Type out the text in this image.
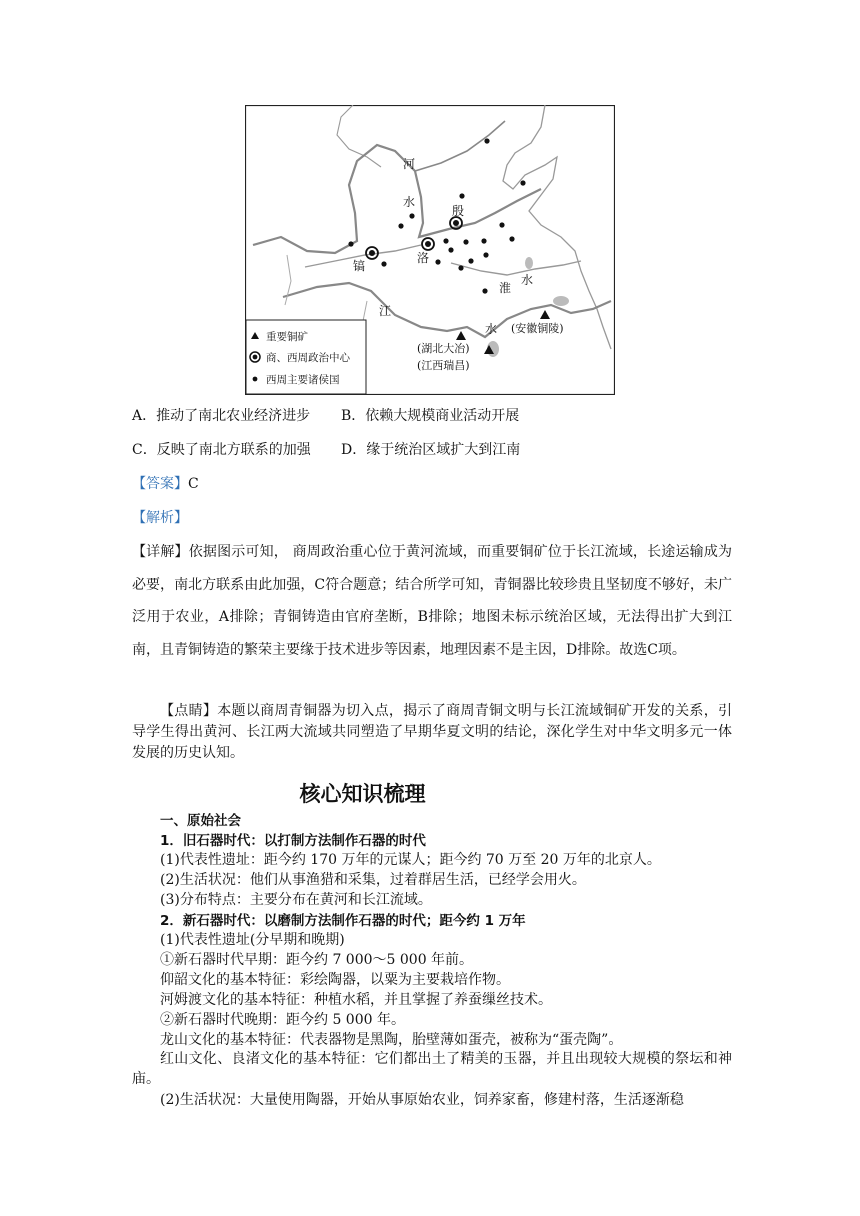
河
水
殷
镐
洛
淮
水
江
水 (安徽铜陵)
(湖北大冶)
(江西瑞昌)
重要铜矿
商、西周政治中心
西周主要诸侯国
A．推动了南北农业经济进步 B．依赖大规模商业活动开展
C．反映了南北方联系的加强 D．缘于统治区域扩大到江南
【答案】C
【解析】
【详解】依据图示可知， 商周政治重心位于黄河流域，而重要铜矿位于长江流域，长途运输成为必要，南北方联系由此加强，C符合题意；结合所学可知，青铜器比较珍贵且坚韧度不够好，未广泛用于农业，A排除；青铜铸造由官府垄断，B排除；地图未标示统治区域，无法得出扩大到江南，且青铜铸造的繁荣主要缘于技术进步等因素，地理因素不是主因，D排除。故选C项。
【点睛】本题以商周青铜器为切入点，揭示了商周青铜文明与长江流域铜矿开发的关系，引导学生得出黄河、长江两大流域共同塑造了早期华夏文明的结论，深化学生对中华文明多元一体发展的历史认知。
核心知识梳理
一、原始社会
1．旧石器时代：以打制方法制作石器的时代
(1)代表性遗址：距今约 170 万年的元谋人；距今约 70 万至 20 万年的北京人。
(2)生活状况：他们从事渔猎和采集，过着群居生活，已经学会用火。
(3)分布特点：主要分布在黄河和长江流域。
2．新石器时代：以磨制方法制作石器的时代；距今约 1 万年
(1)代表性遗址(分早期和晚期)
①新石器时代早期：距今约 7 000～5 000 年前。
仰韶文化的基本特征：彩绘陶器，以粟为主要栽培作物。
河姆渡文化的基本特征：种植水稻，并且掌握了养蚕缫丝技术。
②新石器时代晚期：距今约 5 000 年。
龙山文化的基本特征：代表器物是黑陶，胎壁薄如蛋壳，被称为“蛋壳陶”。
红山文化、良渚文化的基本特征：它们都出土了精美的玉器，并且出现较大规模的祭坛和神庙。
(2)生活状况：大量使用陶器，开始从事原始农业，饲养家畜，修建村落，生活逐渐稳
